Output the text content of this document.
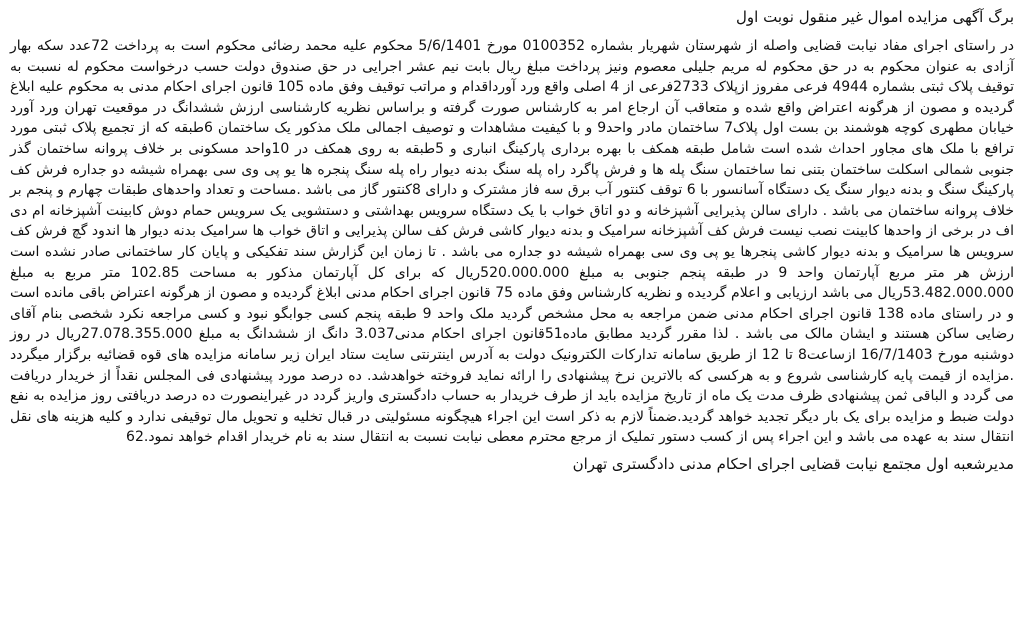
برگ آگهی مزایده اموال غیر منقول نوبت اول

در راستای اجرای مفاد نیابت قضایی واصله از شهرستان شهریار بشماره 0100352 مورخ 5/6/1401 محکوم علیه محمد رضائی محکوم است به پرداخت 72عدد سکه بهار آزادی به عنوان محکوم به در حق محکوم له مریم جلیلی معصوم ونیز پرداخت مبلغ ریال بابت نیم عشر اجرایی در حق صندوق دولت حسب درخواست محکوم له نسبت به توقیف پلاک ثبتی بشماره 4944 فرعی مفروز ازپلاک 2733فرعی از 4 اصلی واقع ورد آورداقدام و مراتب توقیف وفق ماده 105 قانون اجرای احکام مدنی به محکوم علیه ابلاغ گردیده و مصون از هرگونه اعتراض واقع شده و متعاقب آن ارجاع امر به کارشناس صورت گرفته و براساس نظریه کارشناسی ارزش ششدانگ در موقعیت تهران ورد آورد خیابان مطهری کوچه هوشمند بن بست اول پلاک7 ساختمان مادر واحد9 و با کیفیت مشاهدات و توصیف اجمالی ملک مذکور یک ساختمان 6طبقه که از تجمیع پلاک ثبتی مورد ترافع با ملک های مجاور احداث شده است شامل طبقه همکف با بهره برداری پارکینگ انباری و 5طبقه به روی همکف در 10واحد مسکونی بر خلاف پروانه ساختمان گذر جنوبی شمالی اسکلت ساختمان بتنی نما ساختمان سنگ پله ها و فرش پاگرد راه پله سنگ بدنه دیوار راه پله سنگ پنجره ها یو پی وی سی بهمراه شیشه دو جداره فرش کف پارکینگ سنگ و بدنه دیوار سنگ یک دستگاه آسانسور با 6 توقف کنتور آب برق سه فاز مشترک و دارای 8کنتور گاز می باشد .مساحت و تعداد واحدهای طبقات چهارم و پنجم بر خلاف پروانه ساختمان می باشد . دارای سالن پذیرایی آشپزخانه و دو اتاق خواب با یک دستگاه سرویس بهداشتی و دستشویی یک سرویس حمام دوش کابینت آشپزخانه ام دی اف در برخی از واحدها کابینت نصب نیست فرش کف آشپزخانه سرامیک و بدنه دیوار کاشی فرش کف سالن پذیرایی و اتاق خواب ها سرامیک بدنه دیوار ها اندود گچ فرش کف سرویس ها سرامیک و بدنه دیوار کاشی پنجرها یو پی وی سی بهمراه شیشه دو جداره می باشد . تا زمان این گزارش سند تفکیکی و پایان کار ساختمانی صادر نشده است ارزش هر متر مربع آپارتمان واحد 9 در طبقه پنجم جنوبی به مبلغ 520.000.000ریال که برای کل آپارتمان مذکور به مساحت 102.85 متر مربع به مبلغ 53.482.000.000ریال می باشد ارزیابی و اعلام گردیده و نظریه کارشناس وفق ماده 75 قانون اجرای احکام مدنی ابلاغ گردیده و مصون از هرگونه اعتراض باقی مانده است و در راستای ماده 138 قانون اجرای احکام مدنی ضمن مراجعه به محل مشخص گردید ملک واحد 9 طبقه پنجم کسی جوابگو نبود و کسی مراجعه نکرد شخصی بنام آقای رضایی ساکن هستند و ایشان مالک می باشد . لذا مقرر گردید مطابق ماده51قانون اجرای احکام مدنی3.037 دانگ از ششدانگ به مبلغ 27.078.355.000ریال در روز دوشنبه مورخ 16/7/1403 ازساعت8 تا 12 از طریق سامانه تدارکات الکترونیک دولت به آدرس اینترنتی سایت ستاد ایران زیر سامانه مزایده های قوه قضائیه برگزار میگردد .مزایده از قیمت پایه کارشناسی شروع و به هرکسی که بالاترین نرخ پیشنهادی را ارائه نماید فروخته خواهدشد. ده درصد مورد پیشنهادی فی المجلس نقداً از خریدار دریافت می گردد و الباقی ثمن پیشنهادی ظرف مدت یک ماه از تاریخ مزایده باید از طرف خریدار به حساب دادگستری واریز گردد در غیراینصورت ده درصد دریافتی روز مزایده به نفع دولت ضبط و مزایده برای یک بار دیگر تجدید خواهد گردید.ضمناً لازم به ذکر است این اجراء هیچگونه مسئولیتی در قبال تخلیه و تحویل مال توقیفی ندارد و کلیه هزینه های نقل انتقال سند به عهده می باشد و این اجراء پس از کسب دستور تملیک از مرجع محترم معطی نیابت نسبت به انتقال سند به نام خریدار اقدام خواهد نمود.62

مدیرشعبه اول مجتمع نیابت قضایی اجرای احکام مدنی دادگستری تهران
